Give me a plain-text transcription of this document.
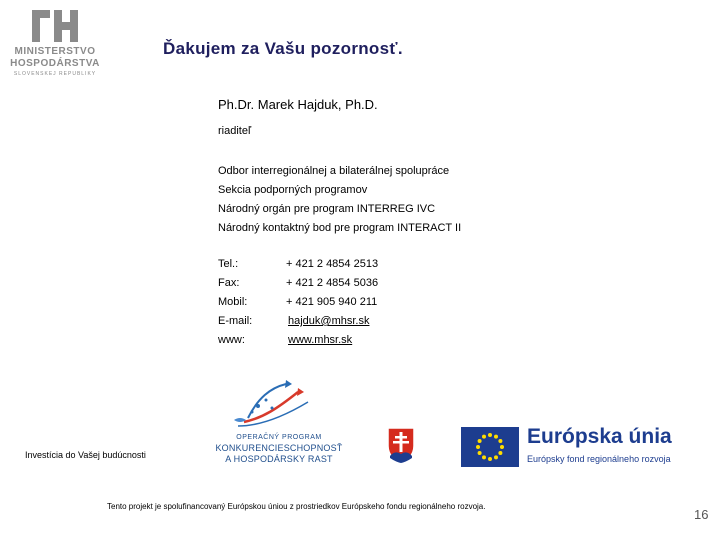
MINISTERSTVO
HOSPODÁRSTVA
SLOVENSKEJ REPUBLIKY
Ďakujem za Vašu pozornosť.
Ph.Dr. Marek Hajduk, Ph.D.
riaditeľ
Odbor interregionálnej a bilaterálnej spolupráce
Sekcia podporných programov
Národný orgán pre program INTERREG IVC
Národný kontaktný bod pre program INTERACT II
Tel.:	+ 421 2 4854 2513
Fax:	+ 421 2 4854 5036
Mobil:	+ 421 905 940 211
E-mail:	hajduk@mhsr.sk
www:	www.mhsr.sk
OPERAČNÝ PROGRAM
KONKURENCIESCHOPNOSŤ
A HOSPODÁRSKY RAST
Investícia do Vašej budúcnosti
Európska únia
Európsky fond regionálneho rozvoja
Tento projekt je spolufinancovaný Európskou úniou z prostriedkov Európskeho fondu regionálneho rozvoja.
16
